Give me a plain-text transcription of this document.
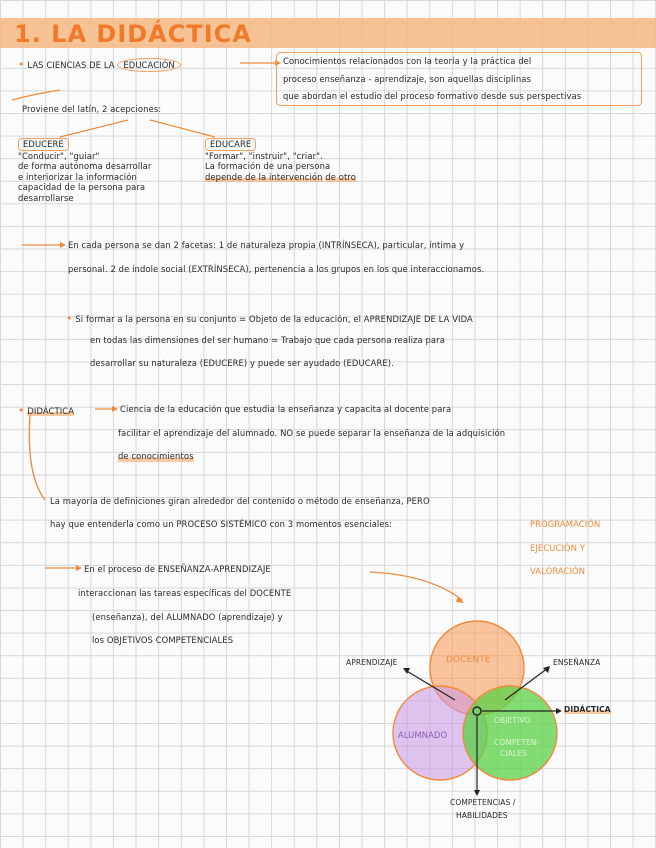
1. LA DIDÁCTICA
• LAS CIENCIAS DE LA EDUCACIÓN	Conocimientos relacionados con la teoría y la práctica del
proceso enseñanza - aprendizaje, son aquellas disciplinas
que abordan el estudio del proceso formativo desde sus perspectivas
Proviene del latín, 2 acepciones:
EDUCERE
"Conducir", "guiar"
de forma autónoma desarrollar
e interiorizar la información
capacidad de la persona para
desarrollarse
EDUCARE
"Formar", "instruir", "criar".
La formación de una persona
depende de la intervención de otro
En cada persona se dan 2 facetas: 1 de naturaleza propia (INTRÍNSECA), particular, íntima y
personal. 2 de índole social (EXTRÍNSECA), pertenencia a los grupos en los que interaccionamos.
• Si formar a la persona en su conjunto = Objeto de la educación, el APRENDIZAJE DE LA VIDA
en todas las dimensiones del ser humano = Trabajo que cada persona realiza para
desarrollar su naturaleza (EDUCERE) y puede ser ayudado (EDUCARE).
• DIDÁCTICA	Ciencia de la educación que estudia la enseñanza y capacita al docente para
facilitar el aprendizaje del alumnado. NO se puede separar la enseñanza de la adquisición
de conocimientos
La mayoría de definiciones giran alrededor del contenido o método de enseñanza, PERO
hay que entenderla como un PROCESO SISTÉMICO con 3 momentos esenciales:	PROGRAMACIÓN
EJECUCIÓN Y
VALORACIÓN
En el proceso de ENSEÑANZA-APRENDIZAJE
interaccionan las tareas específicas del DOCENTE
(enseñanza), del ALUMNADO (aprendizaje) y
los OBJETIVOS COMPETENCIALES
DOCENTE
ALUMNADO
OBJETIVO
COMPETEN-
CIALES
APRENDIZAJE	ENSEÑANZA
DIDÁCTICA
COMPETENCIAS /
HABILIDADES
